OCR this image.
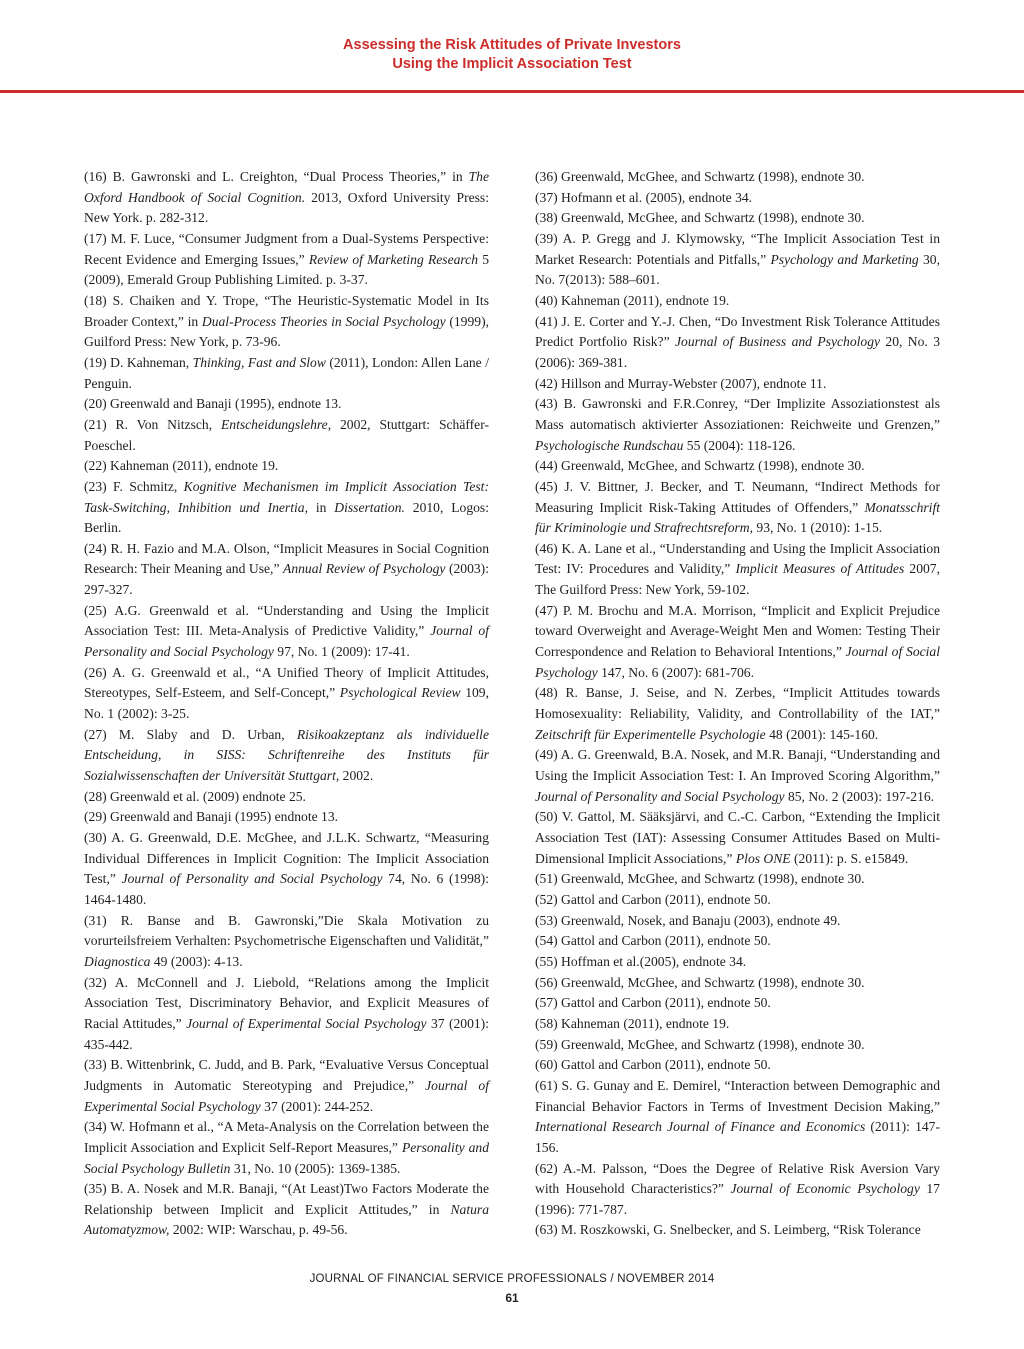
Assessing the Risk Attitudes of Private Investors
Using the Implicit Association Test

(16) B. Gawronski and L. Creighton, “Dual Process Theories,” in The Oxford Handbook of Social Cognition. 2013, Oxford University Press: New York. p. 282-312.

(17) M. F. Luce, “Consumer Judgment from a Dual-Systems Perspective: Recent Evidence and Emerging Issues,” Review of Marketing Research 5 (2009), Emerald Group Publishing Limited. p. 3-37.

(18) S. Chaiken and Y. Trope, “The Heuristic-Systematic Model in Its Broader Context,” in Dual-Process Theories in Social Psychology (1999), Guilford Press: New York, p. 73-96.

(19) D. Kahneman, Thinking, Fast and Slow (2011), London: Allen Lane / Penguin.

(20) Greenwald and Banaji (1995), endnote 13.

(21) R. Von Nitzsch, Entscheidungslehre, 2002, Stuttgart: Schäffer-Poeschel.

(22) Kahneman (2011), endnote 19.

(23) F. Schmitz, Kognitive Mechanismen im Implicit Association Test: Task-Switching, Inhibition und Inertia, in Dissertation. 2010, Logos: Berlin.

(24) R. H. Fazio and M.A. Olson, “Implicit Measures in Social Cognition Research: Their Meaning and Use,” Annual Review of Psychology (2003): 297-327.

(25) A.G. Greenwald et al. “Understanding and Using the Implicit Association Test: III. Meta-Analysis of Predictive Validity,” Journal of Personality and Social Psychology 97, No. 1 (2009): 17-41.

(26) A. G. Greenwald et al., “A Unified Theory of Implicit Attitudes, Stereotypes, Self-Esteem, and Self-Concept,” Psychological Review 109, No. 1 (2002): 3-25.

(27) M. Slaby and D. Urban, Risikoakzeptanz als individuelle Entscheidung, in SISS: Schriftenreihe des Instituts für Sozialwissenschaften der Universität Stuttgart, 2002.

(28) Greenwald et al. (2009) endnote 25.

(29) Greenwald and Banaji (1995) endnote 13.

(30) A. G. Greenwald, D.E. McGhee, and J.L.K. Schwartz, “Measuring Individual Differences in Implicit Cognition: The Implicit Association Test,” Journal of Personality and Social Psychology 74, No. 6 (1998): 1464-1480.

(31) R. Banse and B. Gawronski,”Die Skala Motivation zu vorurteilsfreiem Verhalten: Psychometrische Eigenschaften und Validität,” Diagnostica 49 (2003): 4-13.

(32) A. McConnell and J. Liebold, “Relations among the Implicit Association Test, Discriminatory Behavior, and Explicit Measures of Racial Attitudes,” Journal of Experimental Social Psychology 37 (2001): 435-442.

(33) B. Wittenbrink, C. Judd, and B. Park, “Evaluative Versus Conceptual Judgments in Automatic Stereotyping and Prejudice,” Journal of Experimental Social Psychology 37 (2001): 244-252.

(34) W. Hofmann et al., “A Meta-Analysis on the Correlation between the Implicit Association and Explicit Self-Report Measures,” Personality and Social Psychology Bulletin 31, No. 10 (2005): 1369-1385.

(35) B. A. Nosek and M.R. Banaji, “(At Least)Two Factors Moderate the Relationship between Implicit and Explicit Attitudes,” in Natura Automatyzmow, 2002: WIP: Warschau, p. 49-56.

(36) Greenwald, McGhee, and Schwartz (1998), endnote 30.

(37) Hofmann et al. (2005), endnote 34.

(38) Greenwald, McGhee, and Schwartz (1998), endnote 30.

(39) A. P. Gregg and J. Klymowsky, “The Implicit Association Test in Market Research: Potentials and Pitfalls,” Psychology and Marketing 30, No. 7(2013): 588–601.

(40) Kahneman (2011), endnote 19.

(41) J. E. Corter and Y.-J. Chen, “Do Investment Risk Tolerance Attitudes Predict Portfolio Risk?” Journal of Business and Psychology 20, No. 3 (2006): 369-381.

(42) Hillson and Murray-Webster (2007), endnote 11.

(43) B. Gawronski and F.R.Conrey, “Der Implizite Assoziationstest als Mass automatisch aktivierter Assoziationen: Reichweite und Grenzen,” Psychologische Rundschau 55 (2004): 118-126.

(44) Greenwald, McGhee, and Schwartz (1998), endnote 30.

(45) J. V. Bittner, J. Becker, and T. Neumann, “Indirect Methods for Measuring Implicit Risk-Taking Attitudes of Offenders,” Monatsschrift für Kriminologie und Strafrechtsreform, 93, No. 1 (2010): 1-15.

(46) K. A. Lane et al., “Understanding and Using the Implicit Association Test: IV: Procedures and Validity,” Implicit Measures of Attitudes 2007, The Guilford Press: New York, 59-102.

(47) P. M. Brochu and M.A. Morrison, “Implicit and Explicit Prejudice toward Overweight and Average-Weight Men and Women: Testing Their Correspondence and Relation to Behavioral Intentions,” Journal of Social Psychology 147, No. 6 (2007): 681-706.

(48) R. Banse, J. Seise, and N. Zerbes, “Implicit Attitudes towards Homosexuality: Reliability, Validity, and Controllability of the IAT,” Zeitschrift für Experimentelle Psychologie 48 (2001): 145-160.

(49) A. G. Greenwald, B.A. Nosek, and M.R. Banaji, “Understanding and Using the Implicit Association Test: I. An Improved Scoring Algorithm,” Journal of Personality and Social Psychology 85, No. 2 (2003): 197-216.

(50) V. Gattol, M. Sääksjärvi, and C.-C. Carbon, “Extending the Implicit Association Test (IAT): Assessing Consumer Attitudes Based on Multi-Dimensional Implicit Associations,” Plos ONE (2011): p. S. e15849.

(51) Greenwald, McGhee, and Schwartz (1998), endnote 30.

(52) Gattol and Carbon (2011), endnote 50.

(53) Greenwald, Nosek, and Banaju (2003), endnote 49.

(54) Gattol and Carbon (2011), endnote 50.

(55) Hoffman et al.(2005), endnote 34.

(56) Greenwald, McGhee, and Schwartz (1998), endnote 30.

(57) Gattol and Carbon (2011), endnote 50.

(58) Kahneman (2011), endnote 19.

(59) Greenwald, McGhee, and Schwartz (1998), endnote 30.

(60) Gattol and Carbon (2011), endnote 50.

(61) S. G. Gunay and E. Demirel, “Interaction between Demographic and Financial Behavior Factors in Terms of Investment Decision Making,” International Research Journal of Finance and Economics (2011): 147-156.

(62) A.-M. Palsson, “Does the Degree of Relative Risk Aversion Vary with Household Characteristics?” Journal of Economic Psychology 17 (1996): 771-787.

(63) M. Roszkowski, G. Snelbecker, and S. Leimberg, “Risk Tolerance

JOURNAL OF FINANCIAL SERVICE PROFESSIONALS / NOVEMBER 2014
61
